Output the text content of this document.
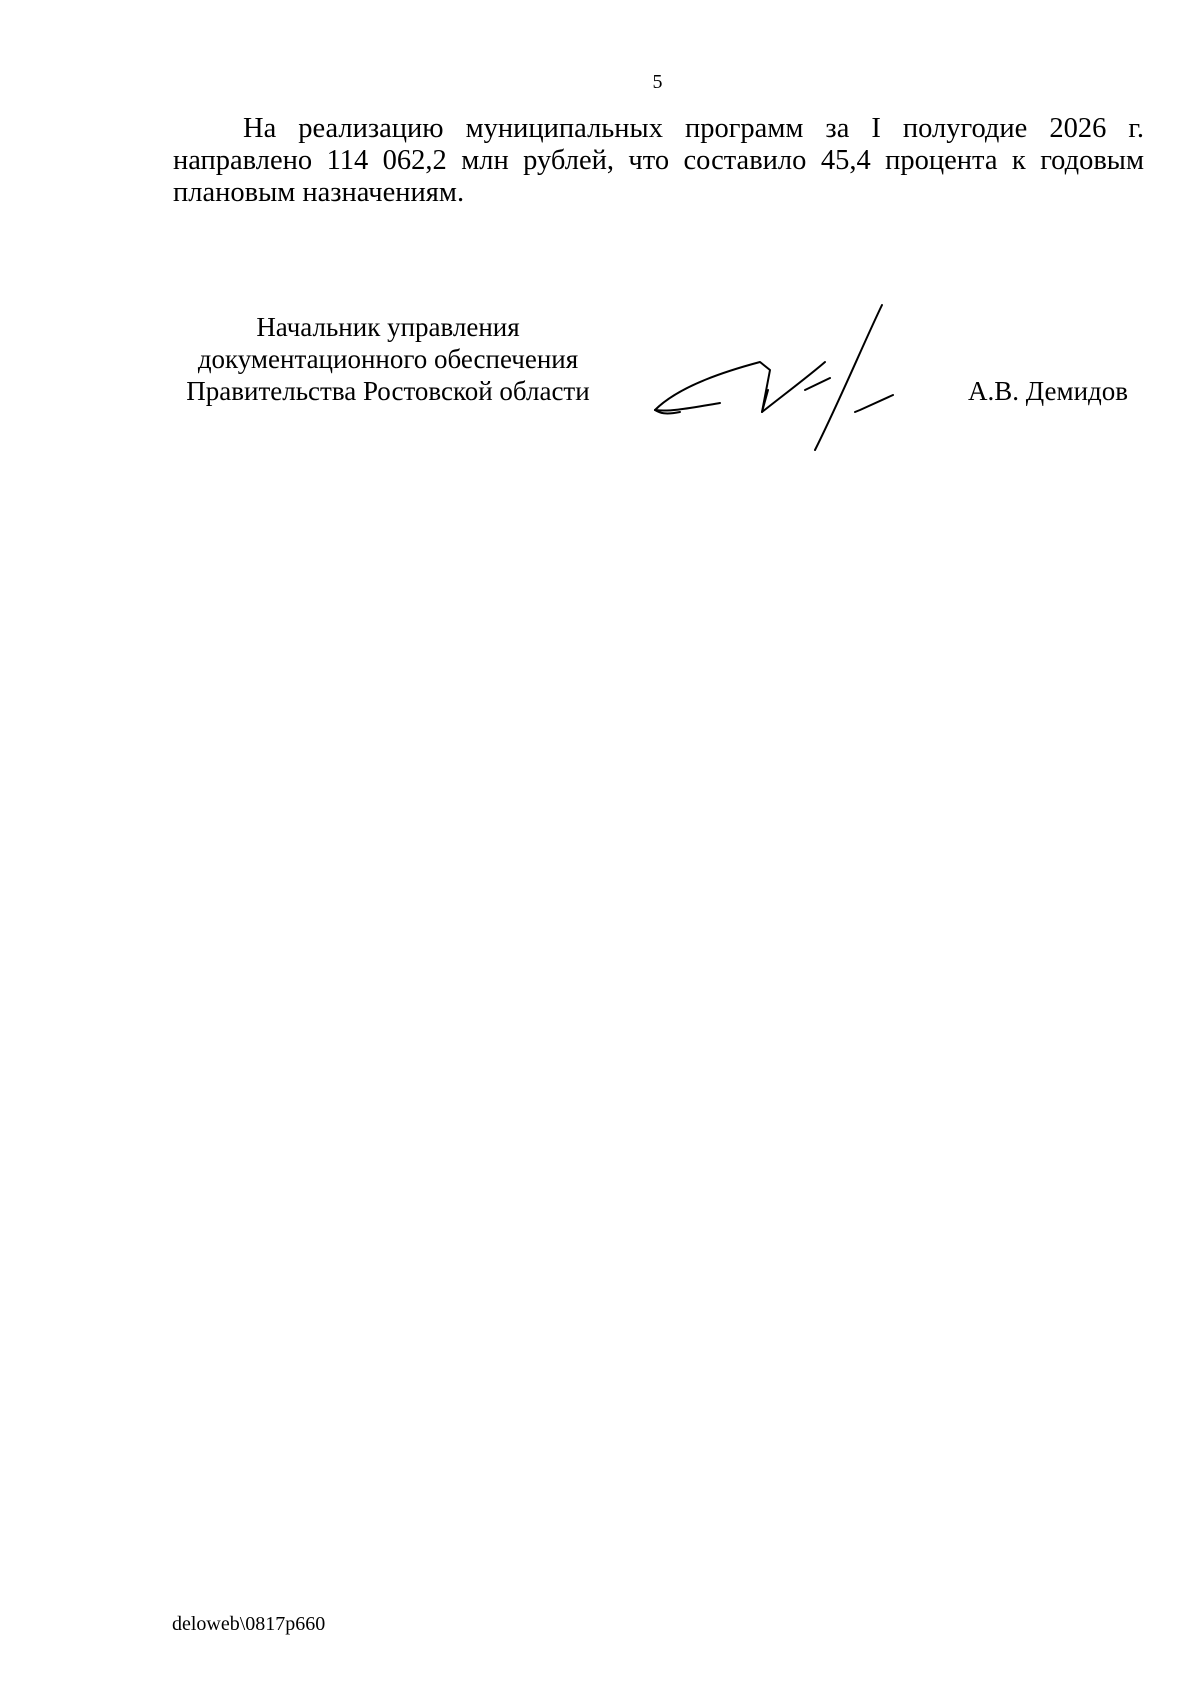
5

На реализацию муниципальных программ за I полугодие 2026 г. направлено 114 062,2 млн рублей, что составило 45,4 процента к годовым плановым назначениям.

Начальник управления
документационного обеспечения
Правительства Ростовской области	А.В. Демидов
deloweb\0817p660
